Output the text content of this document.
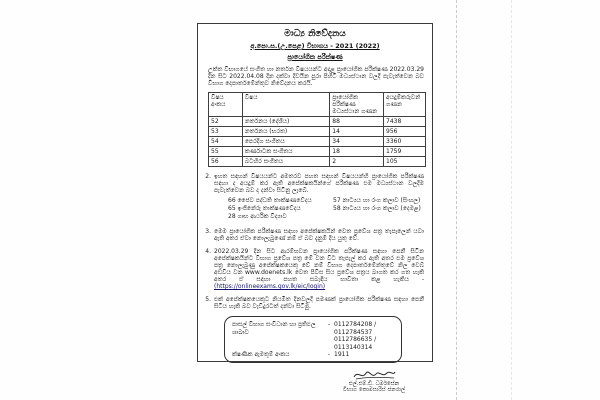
මාධ්‍ය නිවේදනය
අ.පො.ස.(උ.පෙළ) විභාගය - 2021 (2022)
ප්‍රායෝගික පරීක්ෂණ
උක්ත විභාගයේ සංගීත හා නර්තන විෂයයන්ට අදාළ ප්‍රායෝගික පරීක්ෂණ 2022.03.29 දින සිට 2022.04.08 දින දක්වා දිවයින පුරා පිහිටි මධ්‍යස්ථාන වලදී පැවැත්වෙන බව විභාග දෙපාර්තමේන්තුව නිවේදනය කරයි.
විෂය අංකය	විෂය	ප්‍රායෝගික පරීක්ෂණ මධ්‍යස්ථාන ගණන	අයදුම්කරුවන් ගණන
52	නර්තනය (දේශීය)	88	7438
53	නර්තනය (භරත)	14	956
54	පෙරදිග සංගීතය	34	3360
55	කර්ණාටක සංගීතය	18	1759
56	බටහිර සංගීතය	2	105
2. ඉහත සඳහන් විෂයයන්ට අමතරව පහත සඳහන් විෂයයන්හි ප්‍රායෝගික පරීක්ෂණ සඳහා ද අයදුම් කර ඇති අපේක්ෂකයින්ගේ පරීක්ෂණ එම මධ්‍යස්ථාන වලදීම පැවැත්වෙන බව ද දන්වා සිටිනු ලැබේ.
66 ජෛව පද්ධති තාක්ෂණවේදය
65 ඉංජිනේරු තාක්ෂණවේදය
28 ගෘහ ආර්ථික විද්‍යාව
57 නාට්‍යය හා රංග කලාව (සිංහල)
58 නාට්‍යය හා රංග කලාව (දෙමළ)
3. මෙම ප්‍රායෝගික පරීක්ෂණ සඳහා අපේක්ෂකයින් වෙත ප්‍රවේශ පත්‍ර තැපෑලෙන් යවා ඇති අතර ඒවා නොලැබුණේ නම් ඒ බව දැනුම් දිය යුතු වේ.
4. 2022.03.29 දින සිට ආරම්භවන ප්‍රායෝගික පරීක්ෂණ සඳහා පෙනී සිටින අපේක්ෂකයින්ට විභාග ප්‍රවේශ පත්‍ර මේ වන විට තැපැල් කර ඇති අතර එම ප්‍රවේශ පත්‍ර නොලැබුණු අපේක්ෂකයෙකු වේ නම් විභාග දෙපාර්තමේන්තුවේ නිල වෙබ් අඩවිය වන www.doenets.lk වෙත පිවිස සිය ප්‍රවේශ පත්‍රය බාගත කර ගත හැකි අතර ඒ සඳහා පහත සබැඳිය භාවිතා කළ හැකිය - (https://onlineexams.gov.lk/eic/login)
5. එක් අපේක්ෂකයෙකුට නියමිත දිනවලදී පමණක් ප්‍රායෝගික පරීක්ෂණ සඳහා පෙනී සිටිය හැකි බව වැඩිදුරටත් දන්වා සිටිමු.
පාසල් විභාග සංවිධාන හා ප්‍රතිඵල ශාඛාව
- 0112784208 / 0112784537
0112786635 / 0113140314
ක්ෂණික ඇමතුම් අංකය	- 1911
එල්.එම්.ඩී. ධර්මසේන
විභාග කොමසාරිස් ජනරාල්
